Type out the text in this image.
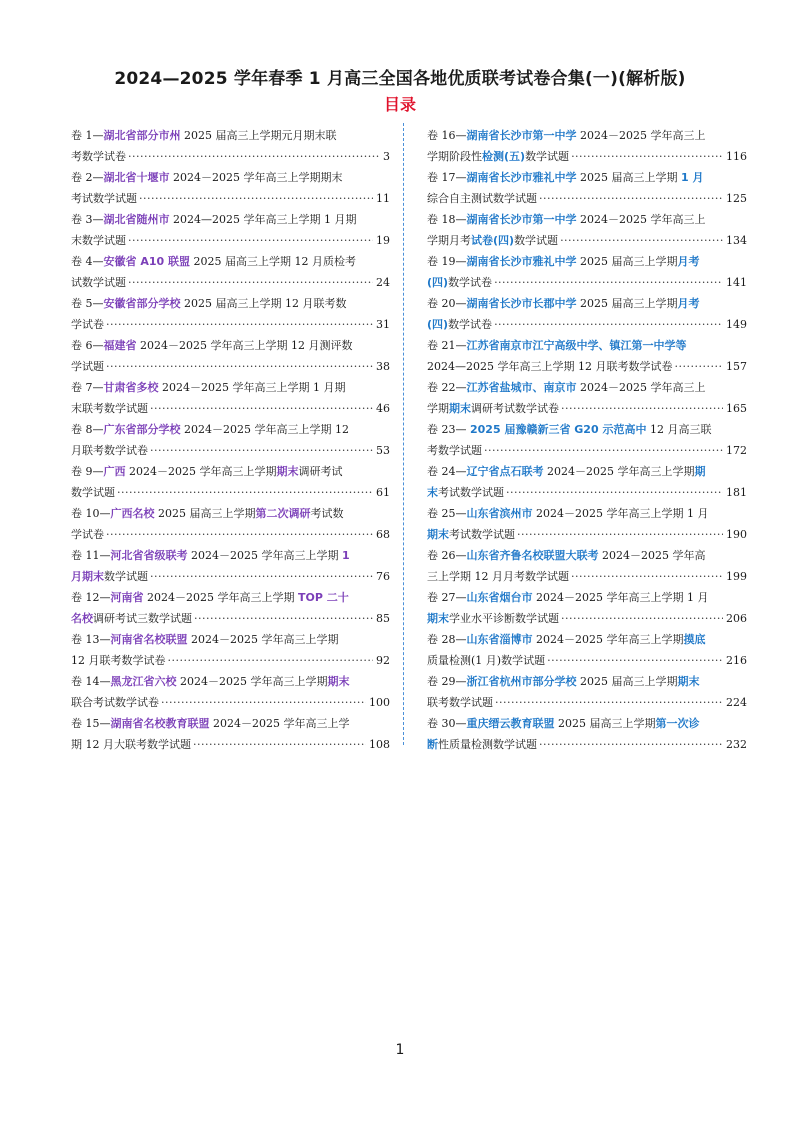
2024—2025 学年春季 1 月高三全国各地优质联考试卷合集(一)(解析版)
目录
卷 1—湖北省部分市州 2025 届高三上学期元月期末联
考数学试卷 .....	3
卷 2—湖北省十堰市 2024－2025 学年高三上学期期末
考试数学试题 .....	11
卷 3—湖北省随州市 2024—2025 学年高三上学期 1 月期
末数学试题 .....	19
卷 4—安徽省 A10 联盟 2025 届高三上学期 12 月质检考
试数学试题 .....	24
卷 5—安徽省部分学校 2025 届高三上学期 12 月联考数
学试卷 .....	31
卷 6—福建省 2024－2025 学年高三上学期 12 月测评数
学试题 .....	38
卷 7—甘肃省多校 2024－2025 学年高三上学期 1 月期
末联考数学试题 .....	46
卷 8—广东省部分学校 2024－2025 学年高三上学期 12
月联考数学试卷 .....	53
卷 9—广西 2024－2025 学年高三上学期期末调研考试
数学试题 .....	61
卷 10—广西名校 2025 届高三上学期第二次调研考试数
学试卷 .....	68
卷 11—河北省省级联考 2024－2025 学年高三上学期 1
月期末数学试题 .....	76
卷 12—河南省 2024－2025 学年高三上学期 TOP 二十
名校调研考试三数学试题 .....	85
卷 13—河南省名校联盟 2024－2025 学年高三上学期
12 月联考数学试卷 .....	92
卷 14—黑龙江省六校 2024－2025 学年高三上学期期末
联合考试数学试卷 .....	100
卷 15—湖南省名校教育联盟 2024－2025 学年高三上学
期 12 月大联考数学试题 .....	108
卷 16—湖南省长沙市第一中学 2024－2025 学年高三上
学期阶段性检测(五)数学试题 .....	116
卷 17—湖南省长沙市雅礼中学 2025 届高三上学期 1 月
综合自主测试数学试题 .....	125
卷 18—湖南省长沙市第一中学 2024－2025 学年高三上
学期月考试卷(四)数学试题 .....	134
卷 19—湖南省长沙市雅礼中学 2025 届高三上学期月考
(四)数学试卷 .....	141
卷 20—湖南省长沙市长郡中学 2025 届高三上学期月考
(四)数学试卷 .....	149
卷 21—江苏省南京市江宁高级中学、镇江第一中学等
2024—2025 学年高三上学期 12 月联考数学试卷 .....	157
卷 22—江苏省盐城市、南京市 2024－2025 学年高三上
学期期末调研考试数学试卷 .....	165
卷 23— 2025 届豫赣新三省 G20 示范高中 12 月高三联
考数学试题 .....	172
卷 24—辽宁省点石联考 2024－2025 学年高三上学期期
末考试数学试题 .....	181
卷 25—山东省滨州市 2024－2025 学年高三上学期 1 月
期末考试数学试题 .....	190
卷 26—山东省齐鲁名校联盟大联考 2024－2025 学年高
三上学期 12 月月考数学试题 .....	199
卷 27—山东省烟台市 2024－2025 学年高三上学期 1 月
期末学业水平诊断数学试题 .....	206
卷 28—山东省淄博市 2024－2025 学年高三上学期摸底
质量检测(1 月)数学试题 .....	216
卷 29—浙江省杭州市部分学校 2025 届高三上学期期末
联考数学试题 .....	224
卷 30—重庆缙云教育联盟 2025 届高三上学期第一次诊
断性质量检测数学试题 .....	232
1
